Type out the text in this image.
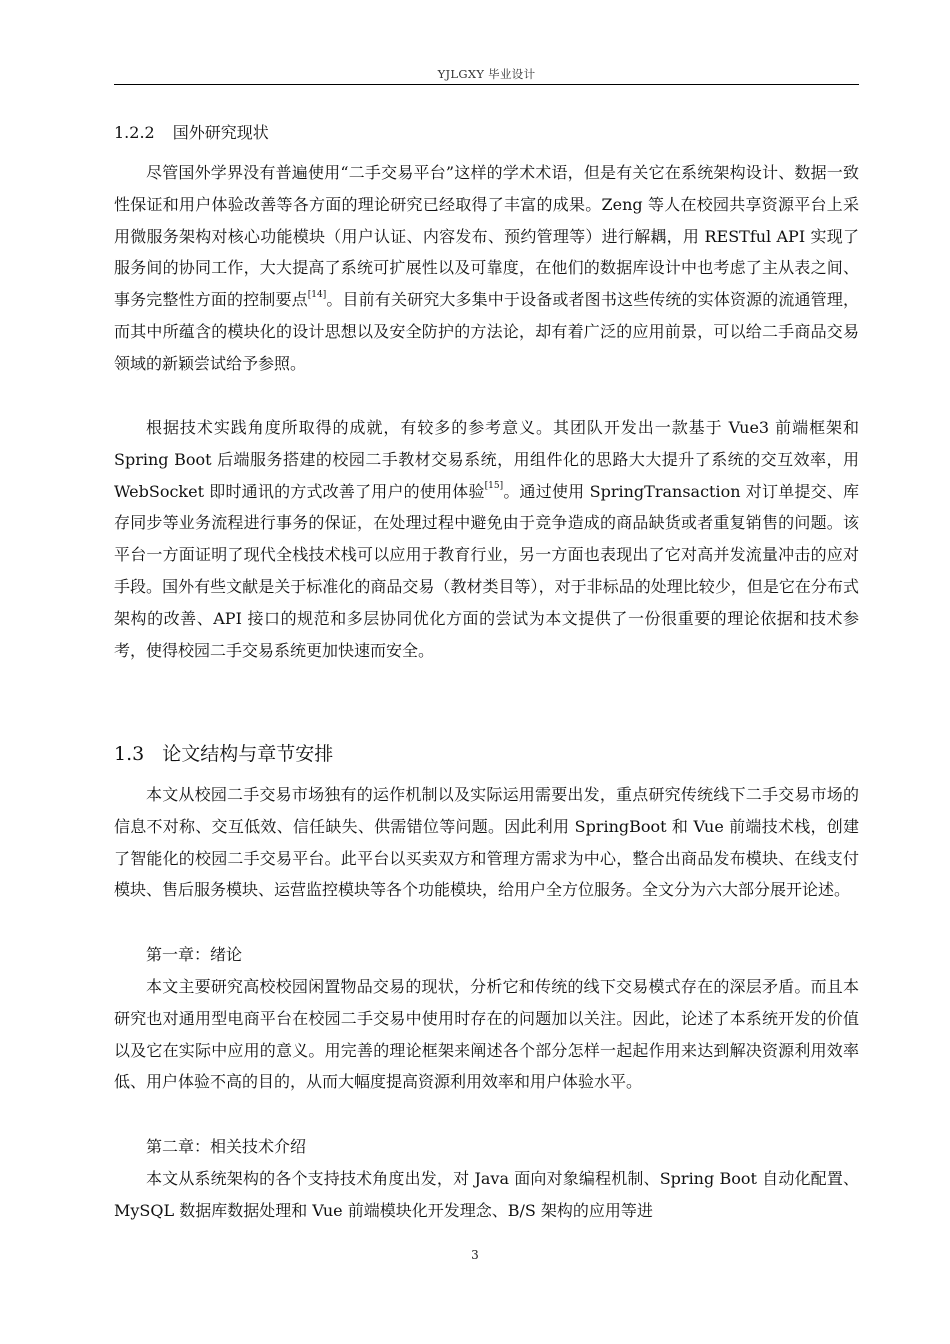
YJLGXY 毕业设计
1.2.2 国外研究现状

尽管国外学界没有普遍使用“二手交易平台”这样的学术术语，但是有关它在系统架构设计、数据一致性保证和用户体验改善等各方面的理论研究已经取得了丰富的成果。Zeng 等人在校园共享资源平台上采用微服务架构对核心功能模块（用户认证、内容发布、预约管理等）进行解耦，用 RESTful API 实现了服务间的协同工作，大大提高了系统可扩展性以及可靠度，在他们的数据库设计中也考虑了主从表之间、事务完整性方面的控制要点[14]。目前有关研究大多集中于设备或者图书这些传统的实体资源的流通管理，而其中所蕴含的模块化的设计思想以及安全防护的方法论，却有着广泛的应用前景，可以给二手商品交易领域的新颖尝试给予参照。

根据技术实践角度所取得的成就，有较多的参考意义。其团队开发出一款基于 Vue3 前端框架和 Spring Boot 后端服务搭建的校园二手教材交易系统，用组件化的思路大大提升了系统的交互效率，用 WebSocket 即时通讯的方式改善了用户的使用体验[15]。通过使用 SpringTransaction 对订单提交、库存同步等业务流程进行事务的保证，在处理过程中避免由于竞争造成的商品缺货或者重复销售的问题。该平台一方面证明了现代全栈技术栈可以应用于教育行业，另一方面也表现出了它对高并发流量冲击的应对手段。国外有些文献是关于标准化的商品交易（教材类目等），对于非标品的处理比较少，但是它在分布式架构的改善、API 接口的规范和多层协同优化方面的尝试为本文提供了一份很重要的理论依据和技术参考，使得校园二手交易系统更加快速而安全。

1.3 论文结构与章节安排

本文从校园二手交易市场独有的运作机制以及实际运用需要出发，重点研究传统线下二手交易市场的信息不对称、交互低效、信任缺失、供需错位等问题。因此利用 SpringBoot 和 Vue 前端技术栈，创建了智能化的校园二手交易平台。此平台以买卖双方和管理方需求为中心，整合出商品发布模块、在线支付模块、售后服务模块、运营监控模块等各个功能模块，给用户全方位服务。全文分为六大部分展开论述。

第一章：绪论

本文主要研究高校校园闲置物品交易的现状，分析它和传统的线下交易模式存在的深层矛盾。而且本研究也对通用型电商平台在校园二手交易中使用时存在的问题加以关注。因此，论述了本系统开发的价值以及它在实际中应用的意义。用完善的理论框架来阐述各个部分怎样一起起作用来达到解决资源利用效率低、用户体验不高的目的，从而大幅度提高资源利用效率和用户体验水平。

第二章：相关技术介绍

本文从系统架构的各个支持技术角度出发，对 Java 面向对象编程机制、Spring Boot 自动化配置、MySQL 数据库数据处理和 Vue 前端模块化开发理念、B/S 架构的应用等进

3
